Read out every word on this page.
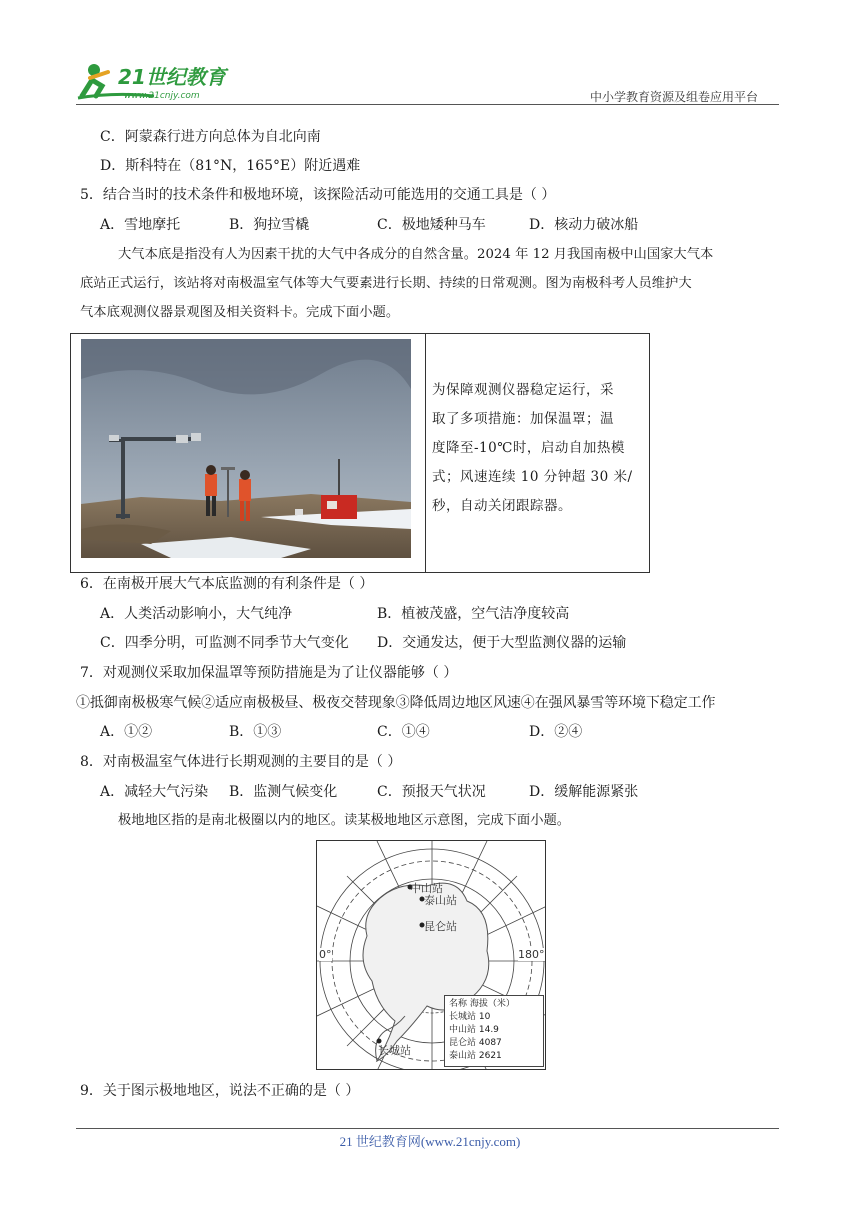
21世纪教育
www.21cnjy.com	中小学教育资源及组卷应用平台
C．阿蒙森行进方向总体为自北向南
D．斯科特在（81°N，165°E）附近遇难
5．结合当时的技术条件和极地环境，该探险活动可能选用的交通工具是（ ）
A．雪地摩托	B．狗拉雪橇	C．极地矮种马车	D．核动力破冰船
大气本底是指没有人为因素干扰的大气中各成分的自然含量。2024 年 12 月我国南极中山国家大气本
底站正式运行，该站将对南极温室气体等大气要素进行长期、持续的日常观测。图为南极科考人员维护大
气本底观测仪器景观图及相关资料卡。完成下面小题。
为保障观测仪器稳定运行，采
取了多项措施：加保温罩；温
度降至-10℃时，启动自加热模
式；风速连续 10 分钟超 30 米/
秒，自动关闭跟踪器。
6．在南极开展大气本底监测的有利条件是（ ）
A．人类活动影响小，大气纯净	B．植被茂盛，空气洁净度较高
C．四季分明，可监测不同季节大气变化 D．交通发达，便于大型监测仪器的运输
7．对观测仪采取加保温罩等预防措施是为了让仪器能够（ ）
①抵御南极极寒气候②适应南极极昼、极夜交替现象③降低周边地区风速④在强风暴雪等环境下稳定工作
A．①②	B．①③	C．①④	D．②④
8．对南极温室气体进行长期观测的主要目的是（ ）
A．减轻大气污染 B．监测气候变化	C．预报天气状况	D．缓解能源紧张
极地地区指的是南北极圈以内的地区。读某极地地区示意图，完成下面小题。
中山站
泰山站
昆仑站
长城站
0°	180°
名称 海拔（米）
长城站 10
中山站 14.9
昆仑站 4087
泰山站 2621
9．关于图示极地地区，说法不正确的是（ ）
21 世纪教育网(www.21cnjy.com)
